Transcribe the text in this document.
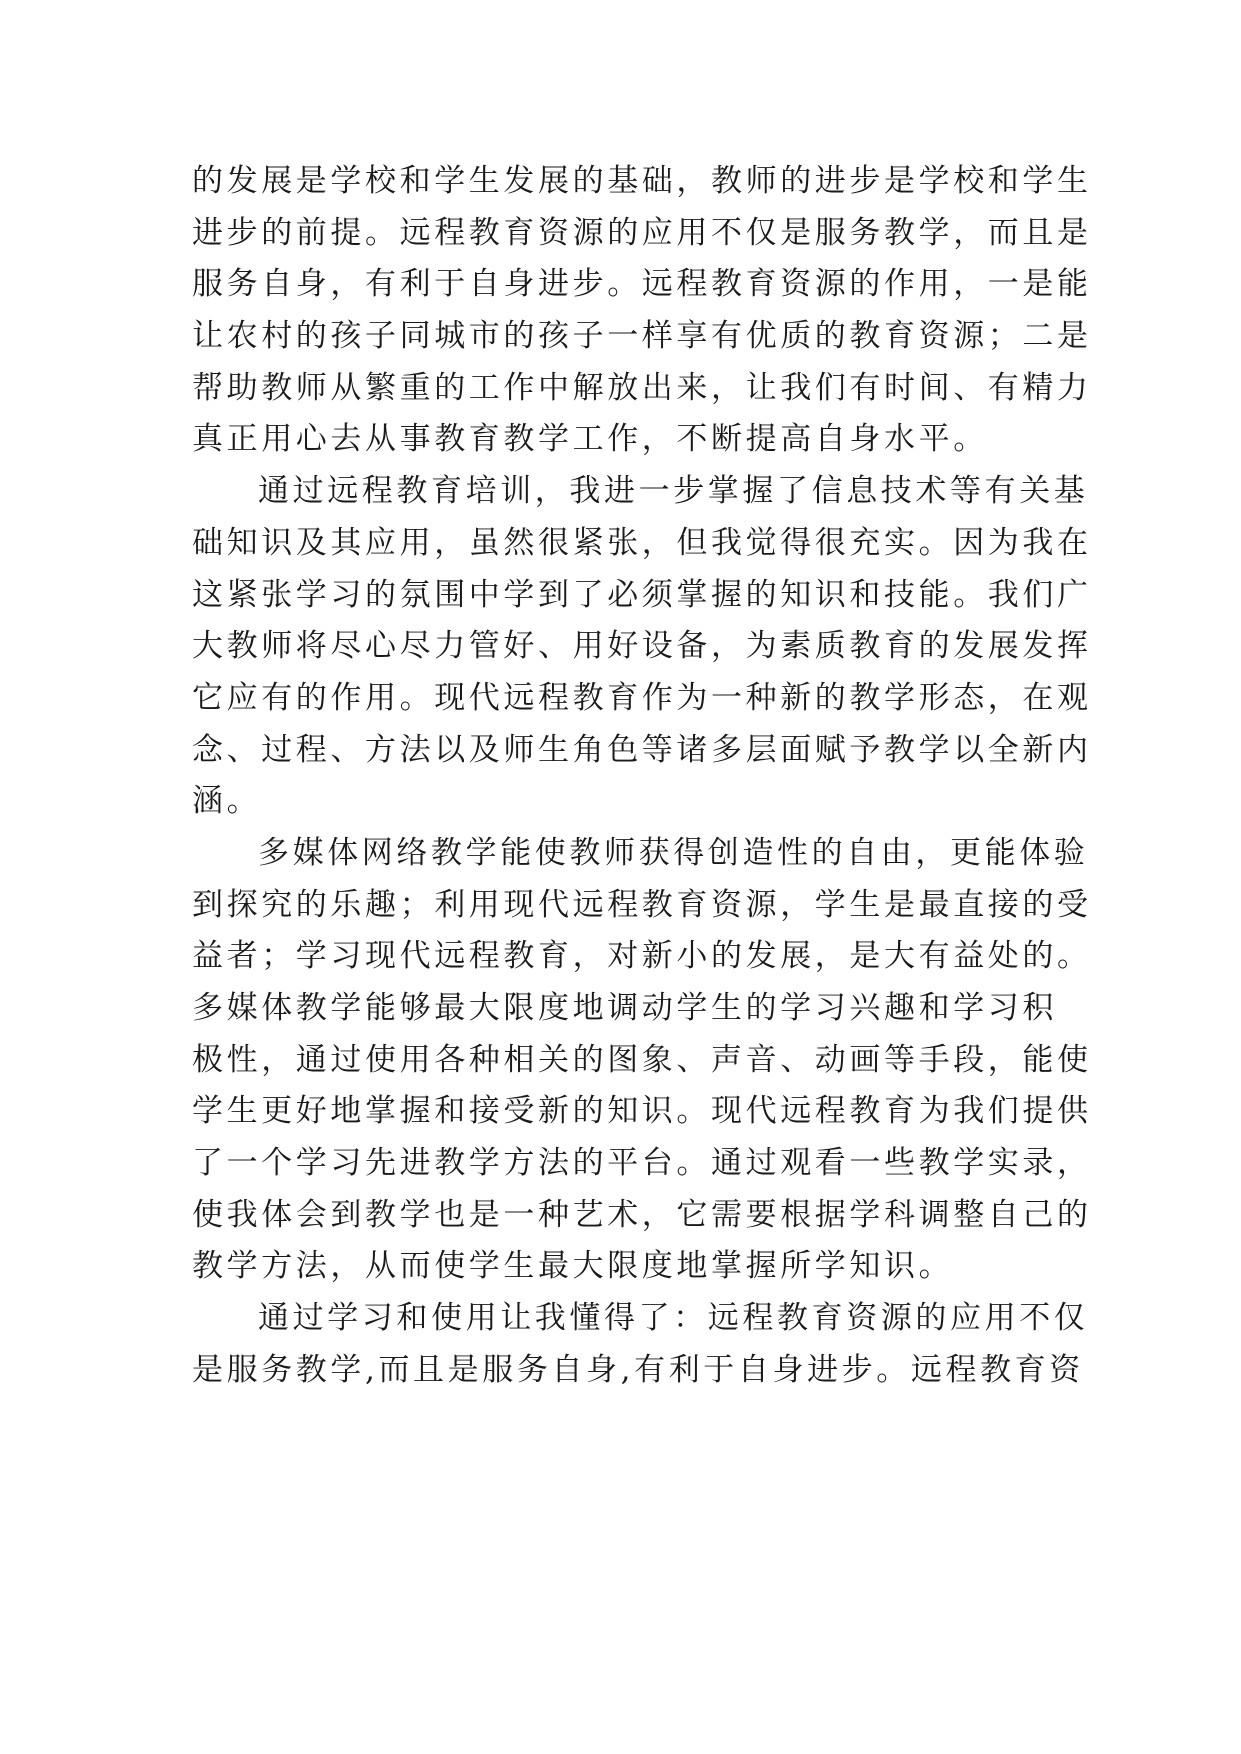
的发展是学校和学生发展的基础，教师的进步是学校和学生
进步的前提。远程教育资源的应用不仅是服务教学，而且是
服务自身，有利于自身进步。远程教育资源的作用，一是能
让农村的孩子同城市的孩子一样享有优质的教育资源；二是
帮助教师从繁重的工作中解放出来，让我们有时间、有精力
真正用心去从事教育教学工作，不断提高自身水平。
通过远程教育培训，我进一步掌握了信息技术等有关基
础知识及其应用，虽然很紧张，但我觉得很充实。因为我在
这紧张学习的氛围中学到了必须掌握的知识和技能。我们广
大教师将尽心尽力管好、用好设备，为素质教育的发展发挥
它应有的作用。现代远程教育作为一种新的教学形态，在观
念、过程、方法以及师生角色等诸多层面赋予教学以全新内
涵。
多媒体网络教学能使教师获得创造性的自由，更能体验
到探究的乐趣；利用现代远程教育资源，学生是最直接的受
益者；学习现代远程教育，对新小的发展，是大有益处的。
多媒体教学能够最大限度地调动学生的学习兴趣和学习积
极性，通过使用各种相关的图象、声音、动画等手段，能使
学生更好地掌握和接受新的知识。现代远程教育为我们提供
了一个学习先进教学方法的平台。通过观看一些教学实录，
使我体会到教学也是一种艺术，它需要根据学科调整自己的
教学方法，从而使学生最大限度地掌握所学知识。
通过学习和使用让我懂得了：远程教育资源的应用不仅
是服务教学,而且是服务自身,有利于自身进步。远程教育资
